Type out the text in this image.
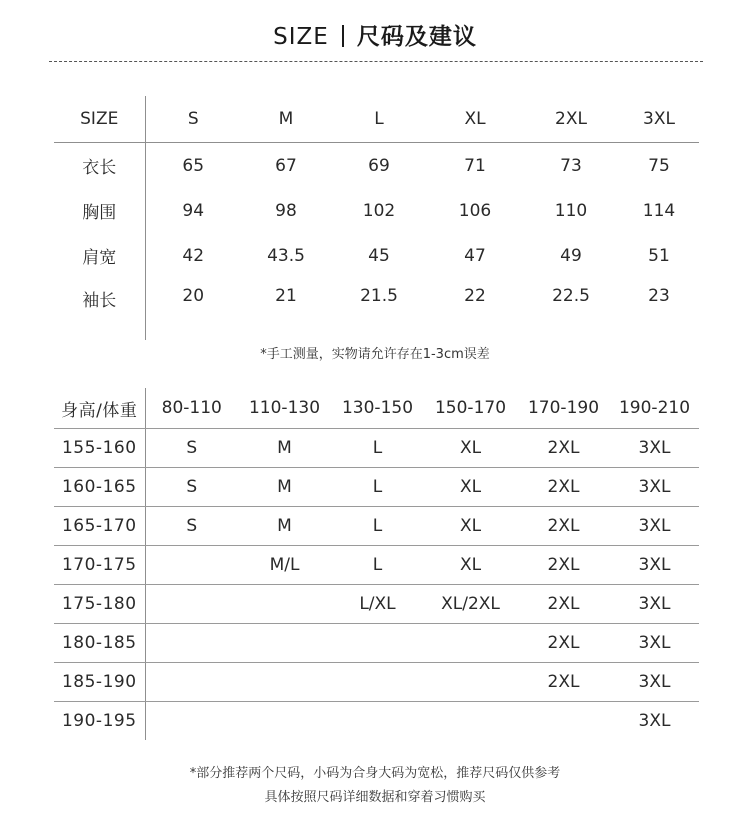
SIZE 尺码及建议
SIZE	S	M	L	XL	2XL	3XL
衣长	65	67	69	71	73	75
胸围	94	98	102	106	110	114
肩宽	42	43.5	45	47	49	51
袖长	20	21	21.5	22	22.5	23
*手工测量，实物请允许存在1-3cm误差
身高/体重	80-110	110-130	130-150	150-170	170-190	190-210
155-160	S	M	L	XL	2XL	3XL
160-165	S	M	L	XL	2XL	3XL
165-170	S	M	L	XL	2XL	3XL
170-175		M/L	L	XL	2XL	3XL
175-180			L/XL	XL/2XL	2XL	3XL
180-185					2XL	3XL
185-190					2XL	3XL
190-195						3XL
*部分推荐两个尺码，小码为合身大码为宽松，推荐尺码仅供参考
具体按照尺码详细数据和穿着习惯购买
